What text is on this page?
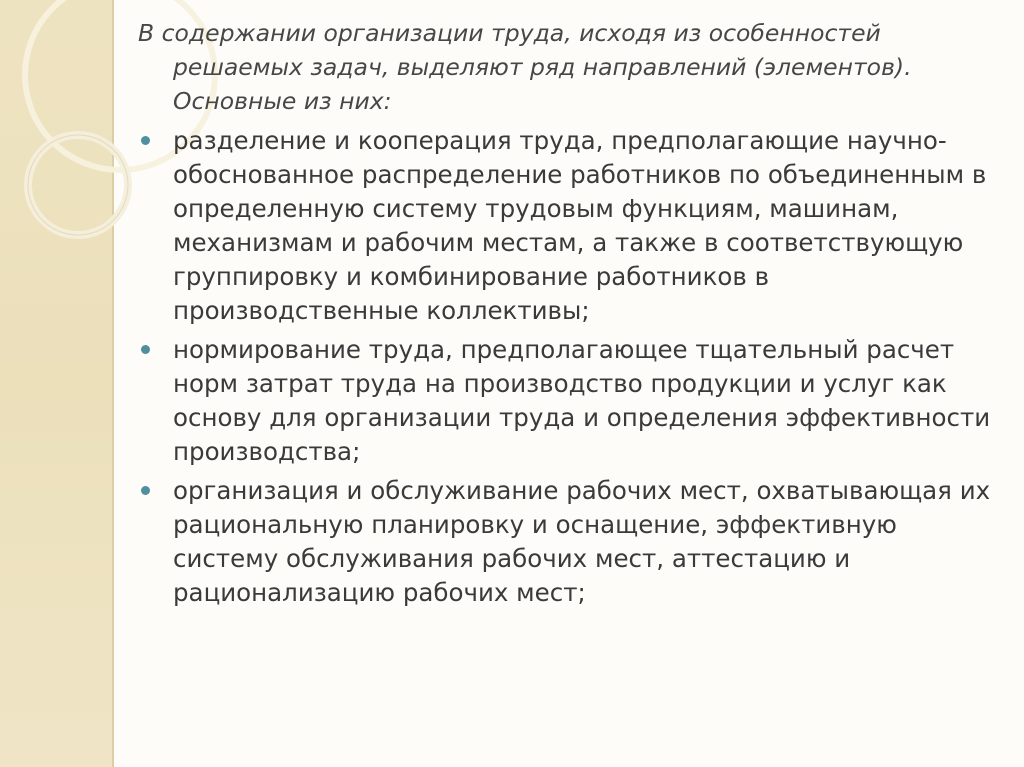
В содержании организации труда, исходя из особенностей решаемых задач, выделяют ряд направлений (элементов). Основные из них:

разделение и кооперация труда, предполагающие научно-обоснованное распределение работников по объединенным в определенную систему трудовым функциям, машинам, механизмам и рабочим местам, а также в соответствующую группировку и комбинирование работников в производственные коллективы;
нормирование труда, предполагающее тщательный расчет норм затрат труда на производство продукции и услуг как основу для организации труда и определения эффективности производства;
организация и обслуживание рабочих мест, охватывающая их рациональную планировку и оснащение, эффективную систему обслуживания рабочих мест, аттестацию и рационализацию рабочих мест;
